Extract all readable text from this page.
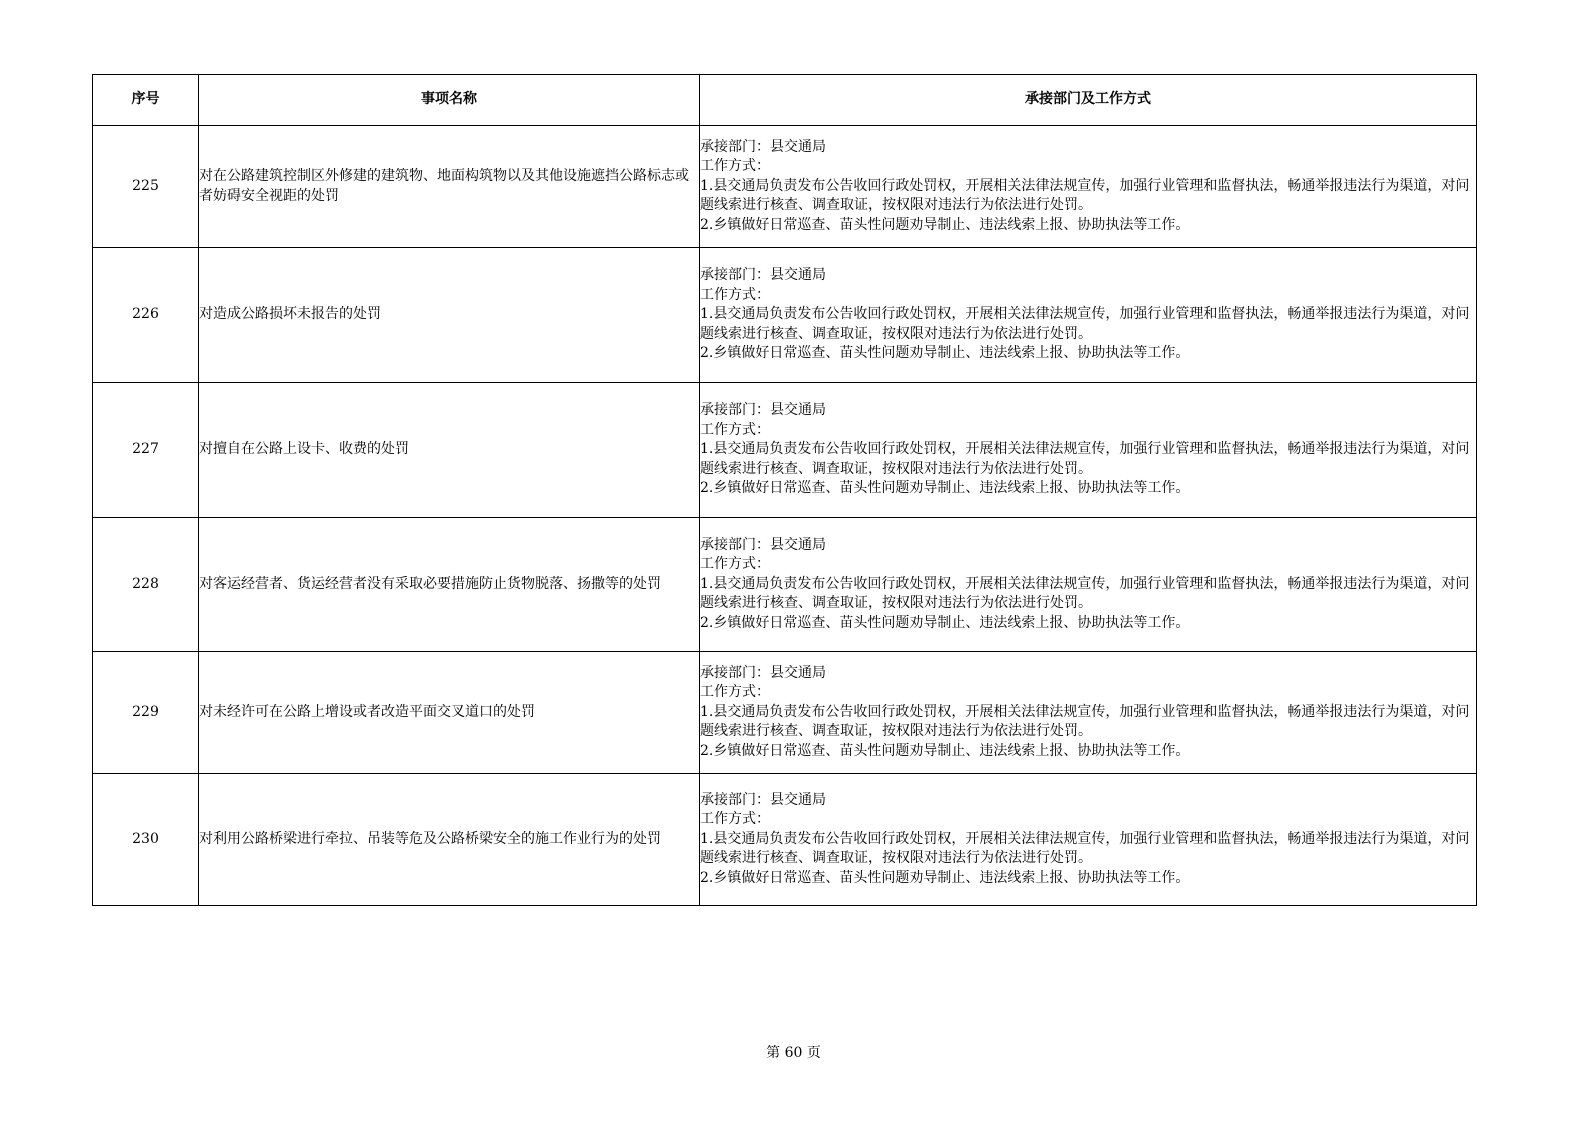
序号	事项名称	承接部门及工作方式
225	对在公路建筑控制区外修建的建筑物、地面构筑物以及其他设施遮挡公路标志或者妨碍安全视距的处罚	承接部门：县交通局
工作方式：
1.县交通局负责发布公告收回行政处罚权，开展相关法律法规宣传，加强行业管理和监督执法，畅通举报违法行为渠道，对问题线索进行核查、调查取证，按权限对违法行为依法进行处罚。
2.乡镇做好日常巡查、苗头性问题劝导制止、违法线索上报、协助执法等工作。

226	对造成公路损坏未报告的处罚	承接部门：县交通局
工作方式：
1.县交通局负责发布公告收回行政处罚权，开展相关法律法规宣传，加强行业管理和监督执法，畅通举报违法行为渠道，对问题线索进行核查、调查取证，按权限对违法行为依法进行处罚。
2.乡镇做好日常巡查、苗头性问题劝导制止、违法线索上报、协助执法等工作。

227	对擅自在公路上设卡、收费的处罚	承接部门：县交通局
工作方式：
1.县交通局负责发布公告收回行政处罚权，开展相关法律法规宣传，加强行业管理和监督执法，畅通举报违法行为渠道，对问题线索进行核查、调查取证，按权限对违法行为依法进行处罚。
2.乡镇做好日常巡查、苗头性问题劝导制止、违法线索上报、协助执法等工作。

228	对客运经营者、货运经营者没有采取必要措施防止货物脱落、扬撒等的处罚	承接部门：县交通局
工作方式：
1.县交通局负责发布公告收回行政处罚权，开展相关法律法规宣传，加强行业管理和监督执法，畅通举报违法行为渠道，对问题线索进行核查、调查取证，按权限对违法行为依法进行处罚。
2.乡镇做好日常巡查、苗头性问题劝导制止、违法线索上报、协助执法等工作。

229	对未经许可在公路上增设或者改造平面交叉道口的处罚	承接部门：县交通局
工作方式：
1.县交通局负责发布公告收回行政处罚权，开展相关法律法规宣传，加强行业管理和监督执法，畅通举报违法行为渠道，对问题线索进行核查、调查取证，按权限对违法行为依法进行处罚。
2.乡镇做好日常巡查、苗头性问题劝导制止、违法线索上报、协助执法等工作。

230	对利用公路桥梁进行牵拉、吊装等危及公路桥梁安全的施工作业行为的处罚	承接部门：县交通局
工作方式：
1.县交通局负责发布公告收回行政处罚权，开展相关法律法规宣传，加强行业管理和监督执法，畅通举报违法行为渠道，对问题线索进行核查、调查取证，按权限对违法行为依法进行处罚。
2.乡镇做好日常巡查、苗头性问题劝导制止、违法线索上报、协助执法等工作。
第 60 页
